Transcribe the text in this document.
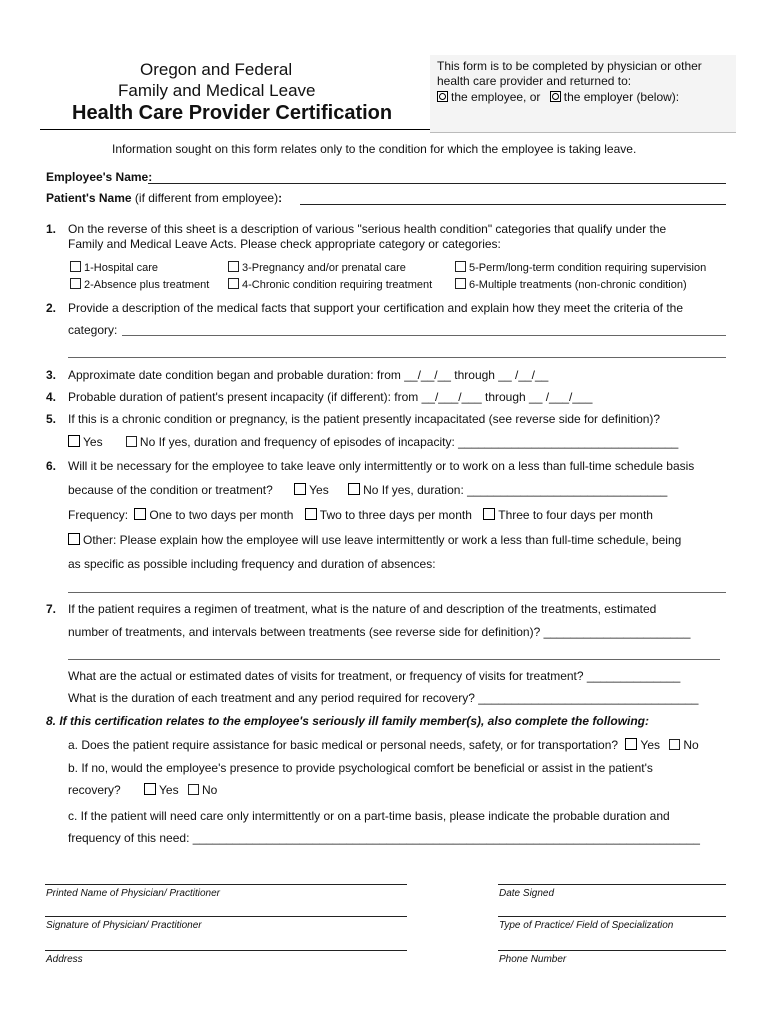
Oregon and Federal
Family and Medical Leave
Health Care Provider Certification
This form is to be completed by physician or other
health care provider and returned to:
the employee, or the employer (below):
Information sought on this form relates only to the condition for which the employee is taking leave.
Employee's Name:
Patient's Name (if different from employee):
1. On the reverse of this sheet is a description of various "serious health condition" categories that qualify under the
Family and Medical Leave Acts. Please check appropriate category or categories:
1-Hospital care	3-Pregnancy and/or prenatal care	5-Perm/long-term condition requiring supervision
2-Absence plus treatment	4-Chronic condition requiring treatment	6-Multiple treatments (non-chronic condition)
2. Provide a description of the medical facts that support your certification and explain how they meet the criteria of the
category:
3. Approximate date condition began and probable duration: from __/__/__ through __ /__/__
4. Probable duration of patient's present incapacity (if different): from __/___/___ through __ /___/___
5. If this is a chronic condition or pregnancy, is the patient presently incapacitated (see reverse side for definition)?
Yes	No If yes, duration and frequency of episodes of incapacity: _________________________________
6. Will it be necessary for the employee to take leave only intermittently or to work on a less than full-time schedule basis
because of the condition or treatment?	Yes	No If yes, duration: ______________________________
Frequency: One to two days per month Two to three days per month Three to four days per month
Other: Please explain how the employee will use leave intermittently or work a less than full-time schedule, being
as specific as possible including frequency and duration of absences:
7. If the patient requires a regimen of treatment, what is the nature of and description of the treatments, estimated
number of treatments, and intervals between treatments (see reverse side for definition)? ______________________
What are the actual or estimated dates of visits for treatment, or frequency of visits for treatment? ______________
What is the duration of each treatment and any period required for recovery? _________________________________
8. If this certification relates to the employee's seriously ill family member(s), also complete the following:
a. Does the patient require assistance for basic medical or personal needs, safety, or for transportation? Yes No
b. If no, would the employee's presence to provide psychological comfort be beneficial or assist in the patient's
recovery?	Yes No
c. If the patient will need care only intermittently or on a part-time basis, please indicate the probable duration and
frequency of this need: ____________________________________________________________________________
Printed Name of Physician/ Practitioner	Date Signed
Signature of Physician/ Practitioner	Type of Practice/ Field of Specialization
Address	Phone Number
